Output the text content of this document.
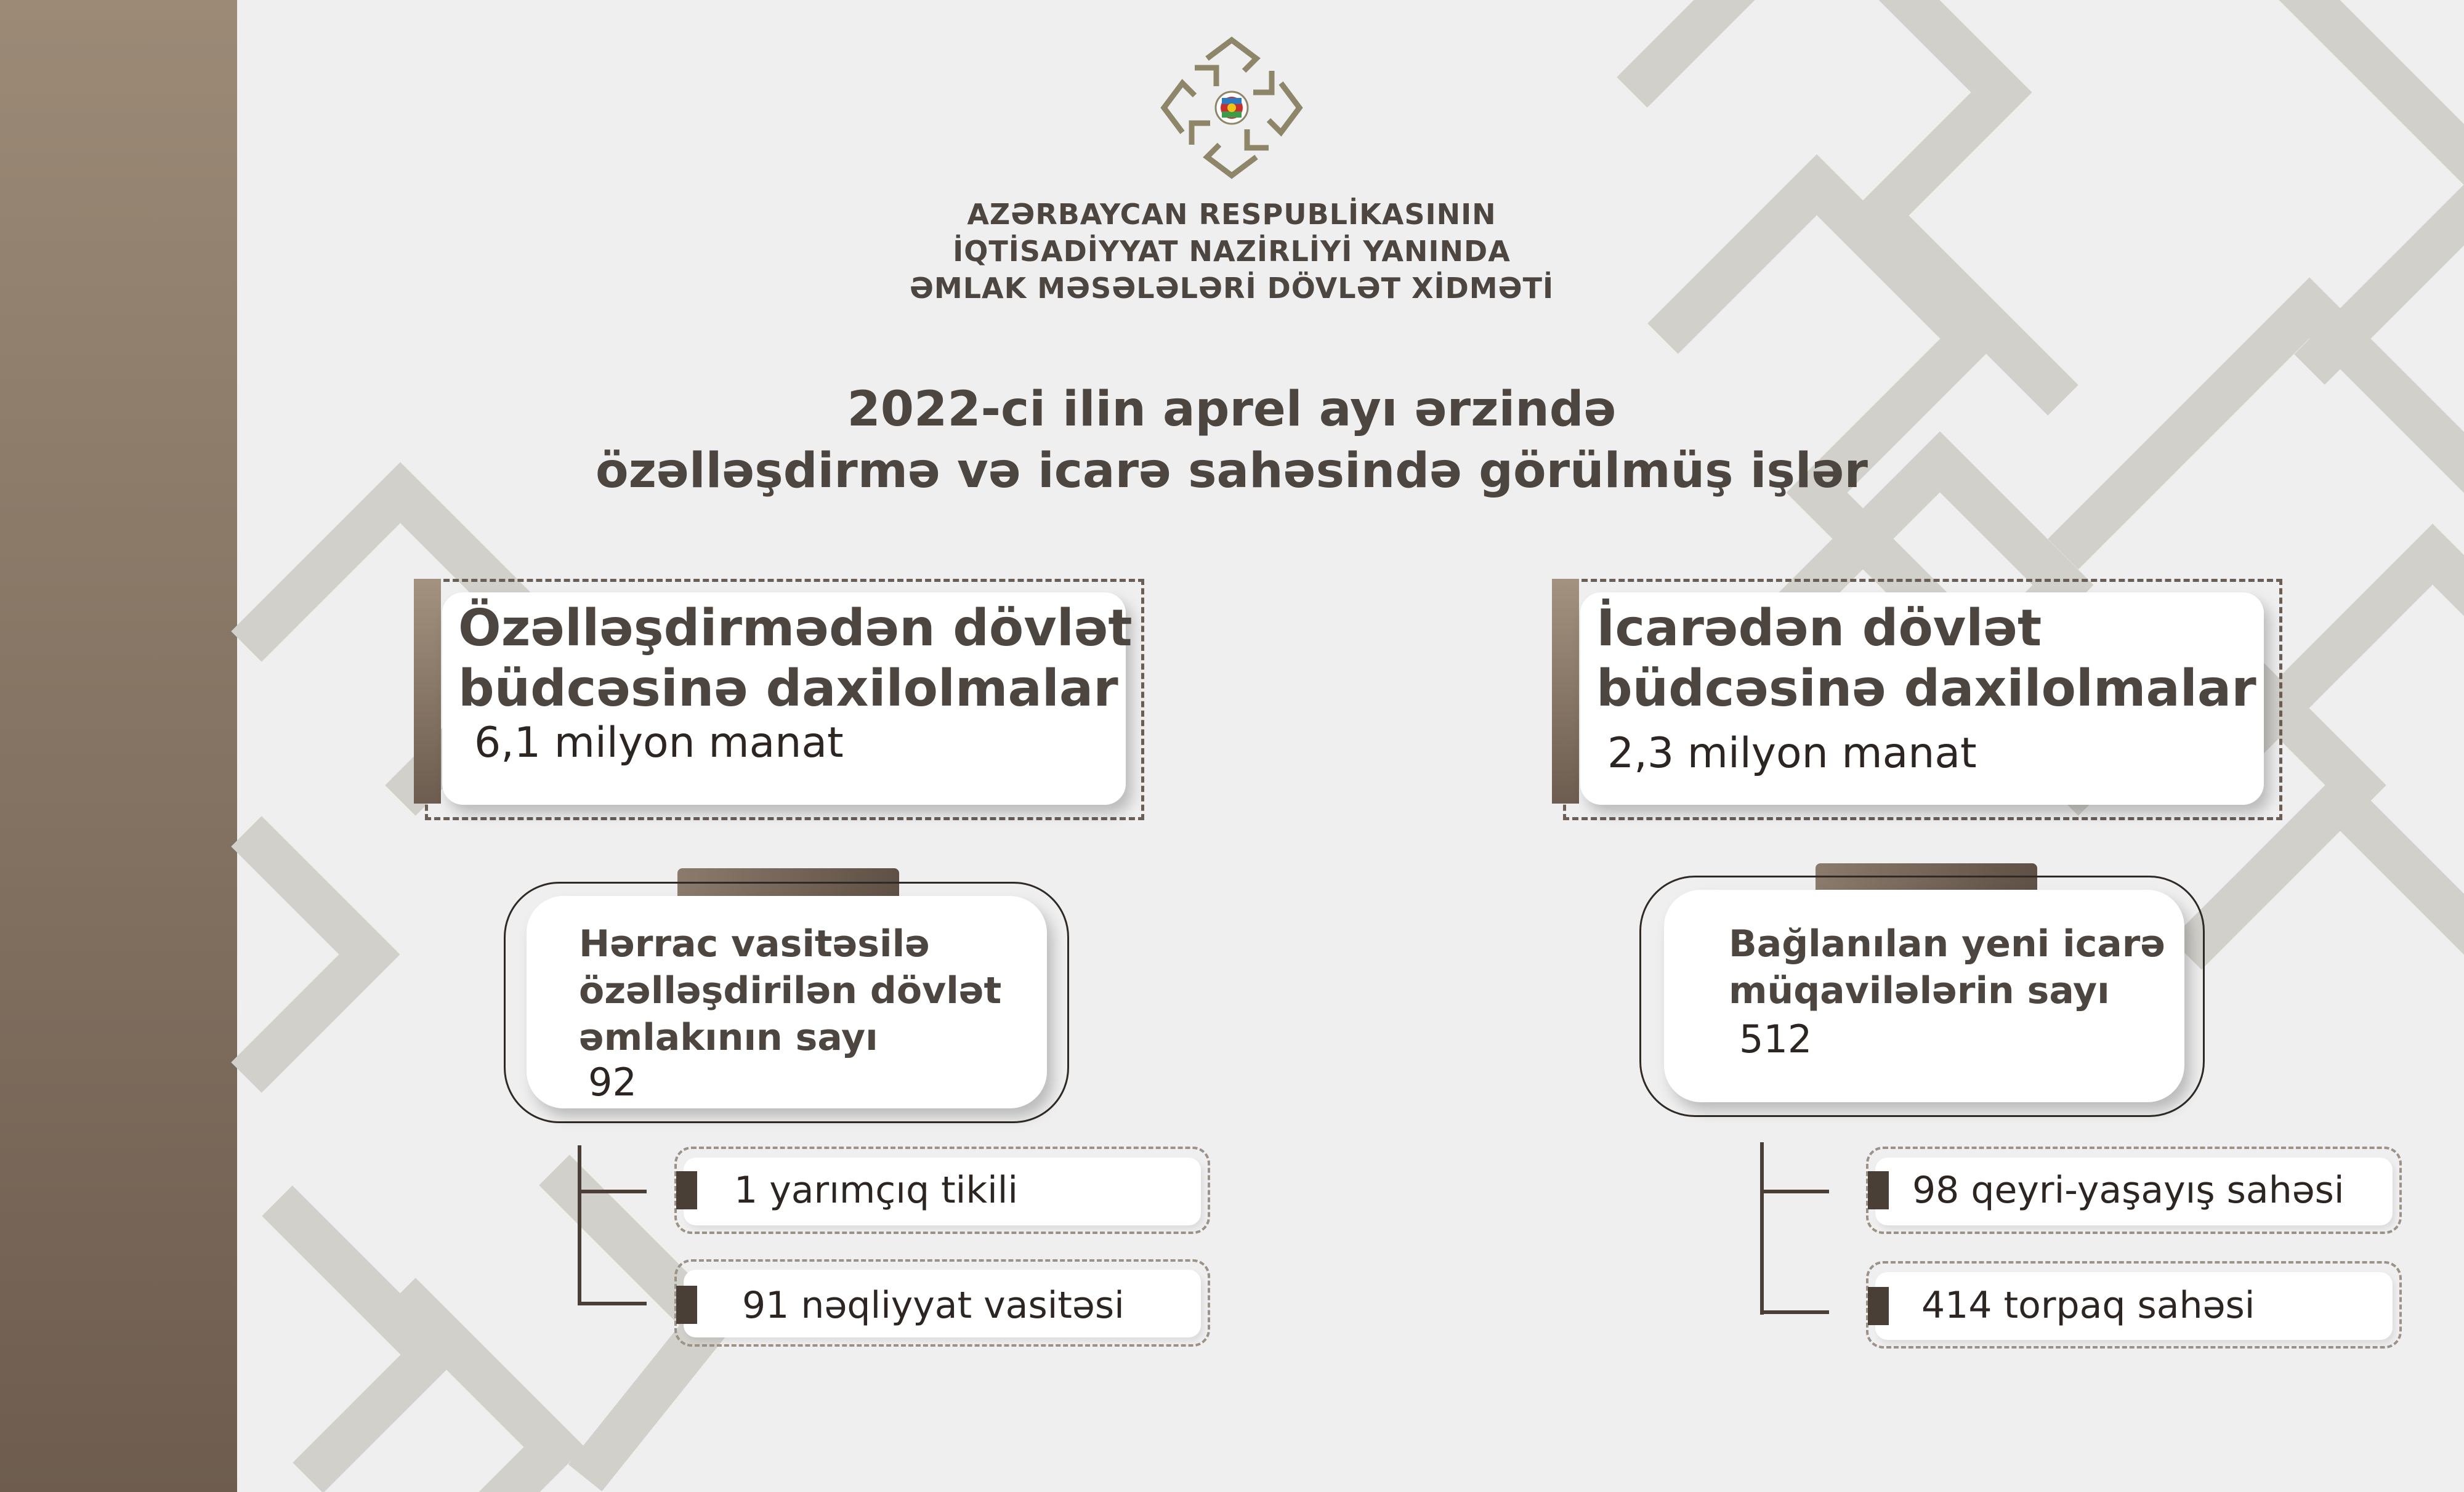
AZƏRBAYCAN RESPUBLİKASININ
İQTİSADİYYAT NAZİRLİYİ YANINDA
ƏMLAK MƏSƏLƏLƏRİ DÖVLƏT XİDMƏTİ
2022-ci ilin aprel ayı ərzində
özəlləşdirmə və icarə sahəsində görülmüş işlər
Özəlləşdirmədən dövlət
büdcəsinə daxilolmalar
6,1 milyon manat
Hərrac vasitəsilə
özəlləşdirilən dövlət
əmlakının sayı
92
1 yarımçıq tikili
91 nəqliyyat vasitəsi
İcarədən dövlət
büdcəsinə daxilolmalar
2,3 milyon manat
Bağlanılan yeni icarə
müqavilələrin sayı
512
98 qeyri-yaşayış sahəsi
414 torpaq sahəsi
